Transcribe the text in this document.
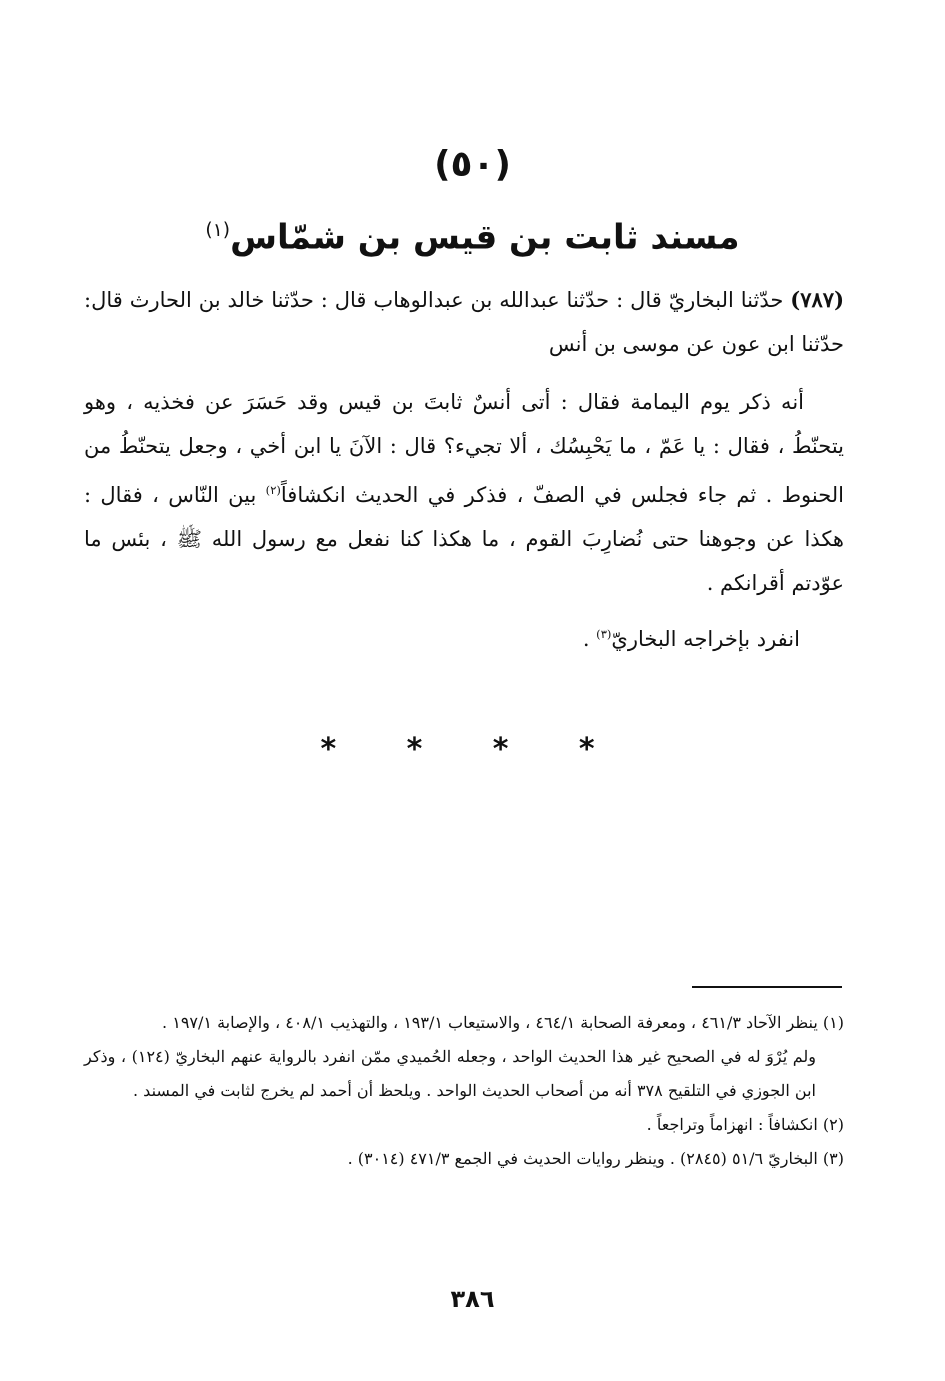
(٥٠)
مسند ثابت بن قيس بن شمّاس$^{(١)}$
(٧٨٧) حدّثنا البخاريّ قال : حدّثنا عبدالله بن عبدالوهاب قال : حدّثنا خالد بن الحارث قال: حدّثنا ابن عون عن موسى بن أنس
أنه ذكر يوم اليمامة فقال : أتى أنسٌ ثابتَ بن قيس وقد حَسَرَ عن فخذيه ، وهو يتحنّطُ ، فقال : يا عَمّ ، ما يَحْبِسُك ، ألا تجيء؟ قال : الآنَ يا ابن أخي ، وجعل يتحنّطُ من الحنوط . ثم جاء فجلس في الصفّ ، فذكر في الحديث انكشافاً$^{(٢)}$ بين النّاس ، فقال : هكذا عن وجوهنا حتى نُضارِبَ القوم ، ما هكذا كنا نفعل مع رسول الله ﷺ ، بئس ما عوّدتم أقرانكم .
انفرد بإخراجه البخاريّ$^{(٣)}$ .
* * * *

(١) ينظر الآحاد ٤٦١/٣ ، ومعرفة الصحابة ٤٦٤/١ ، والاستيعاب ١٩٣/١ ، والتهذيب ٤٠٨/١ ، والإصابة ١٩٧/١ .

ولم يُرْوَ له في الصحيح غير هذا الحديث الواحد ، وجعله الحُميدي ممّن انفرد بالرواية عنهم البخاريّ (١٢٤) ، وذكر ابن الجوزي في التلقيح ٣٧٨ أنه من أصحاب الحديث الواحد . ويلحظ أن أحمد لم يخرج لثابت في المسند .

(٢) انكشافاً : انهزاماً وتراجعاً .

(٣) البخاريّ ٥١/٦ (٢٨٤٥) . وينظر روايات الحديث في الجمع ٤٧١/٣ (٣٠١٤) .

٣٨٦
